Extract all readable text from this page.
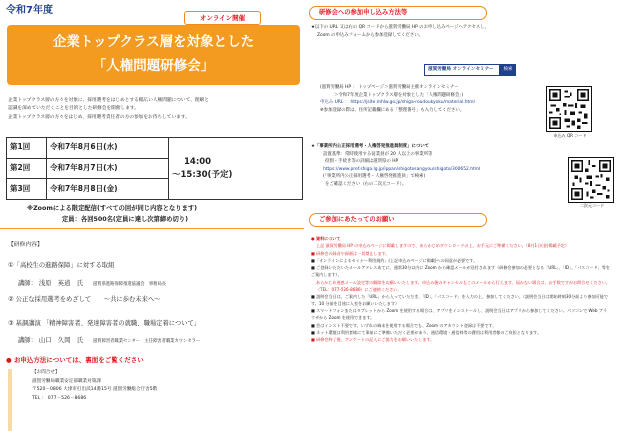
令和7年度
オンライン開催
企業トップクラス層を対象とした
「人権問題研修会」
企業トップクラス層の方々を対象に、採用選考をはじめとする幅広い人権問題について、理解と
認識を深めていただくことを目的とした研修会を開催します。
企業トップクラス層の方々をはじめ、採用選考責任者の方の参加をお待ちしています。
第1回	令和7年8月6日(水)	14:00
～15:30(予定)

第2回	令和7年8月7日(木)	
第3回	令和7年8月8日(金)	
※Zoomによる限定配信(すべての回が同じ内容となります)
定員：各回500名(定員に達し次第締め切り)
【研修内容】
①「高校生の進路保障」に対する取組
講師： 浅原　英道　氏 滋賀県進路保障推進協議会　事務局長
② 公正な採用選考をめざして　　～共に歩む未来へ～
③ 基調講演 「精神障害者、発達障害者の就職、職場定着について」
講師： 山口　久岡　氏 滋賀障害者職業センター　主任障害者職業カウンセラー
● お申込方法については、裏面をご覧ください
【お問合せ】
滋賀労働局職業安定部職業対策課
〒520－0806 大津市打出浜14番15号 滋賀労働総合庁舎5階
TEL ： 077－526－8686
研修会への参加申し込み方法等
★以下の URL 又は右の QR コードから滋賀労働局 HP のお申し込みページへアクセスし、
Zoom の申込みフォームから参加登録してください。
滋賀労働局 オンラインセミナー	検索
(滋賀労働局 HP ： トップページ＞滋賀労働局主催オンラインセミナー
＞令和7年度企業トップクラス層を対象とした「人権問題研修会」)
申込み URL ： https://jsite.mhlw.go.jp/shiga-roudoukyoku/material.html
※参加登録の際は、住所記載欄にある「整理番号」も入力してください。
申込み QR コード
★「事業所内公正採用選考・人権啓発推進員制度」について
設置基準：常時使用する従業員が 20 人以上の事業所等
役割・手続き等の詳細は滋賀県の HP
https://www.pref.shiga.lg.jp/ippan/shigotosangyou/shigoto/300652.html
(「事業所内公正採用選考・人権啓発推進員」で検索)
をご確認ください（右の二次元コード）。
二次元コード
ご参加にあたってのお願い
● 資料について
上記 滋賀労働局 HP の申込みページに掲載しますので、あらかじめダウンロードの上、お手元にご準備ください。（8月1日(金)掲載予定）
■ 研修会の録音や録画は一切禁止します。
■「オンラインによるセミナー利用規約」(上記申込みページに掲載)への同意が必要です。
■ ご登録いただいたメールアドレスあてに、通常30分以内に Zoom から確認メールが送付されます（研修会参加の必要となる「URL」、「ID」、「パスコード」等をご案内します）。
あらかじめ迷惑メール設定等の解除をお願いいたします。申込み後のキャンセルもこのメールから行えます。届かない場合は、お手数ですがお問合せください。（TEL：077-526-8686）にご連絡ください。
■ 説明会当日は、ご案内した「URL」から入っていただき、「ID」、「パスコード」を入力の上、参加してください。（説明会当日は開始時刻30分前より参加可能です。10 分前を目途に入室をお願いいたします）
■ スマートフォンまたはタブレットから Zoom を使用する場合は、アプリをインストールし、説明会当日はアプリから参加してください。パソコンで Web ブラウザから Zoom を使用できます。
■ 会はインスト不要です。いずれの端末を使用する場合でも、Zoom のアカウント登録は不要です。
■ ネット環境は利用者様にて事前にご準備いただく必要があり、通信環境・通信料等の費用は利用者様のご負担となります。
■ 研修会終了後、アンケートの記入にご協力をお願いいたします。
